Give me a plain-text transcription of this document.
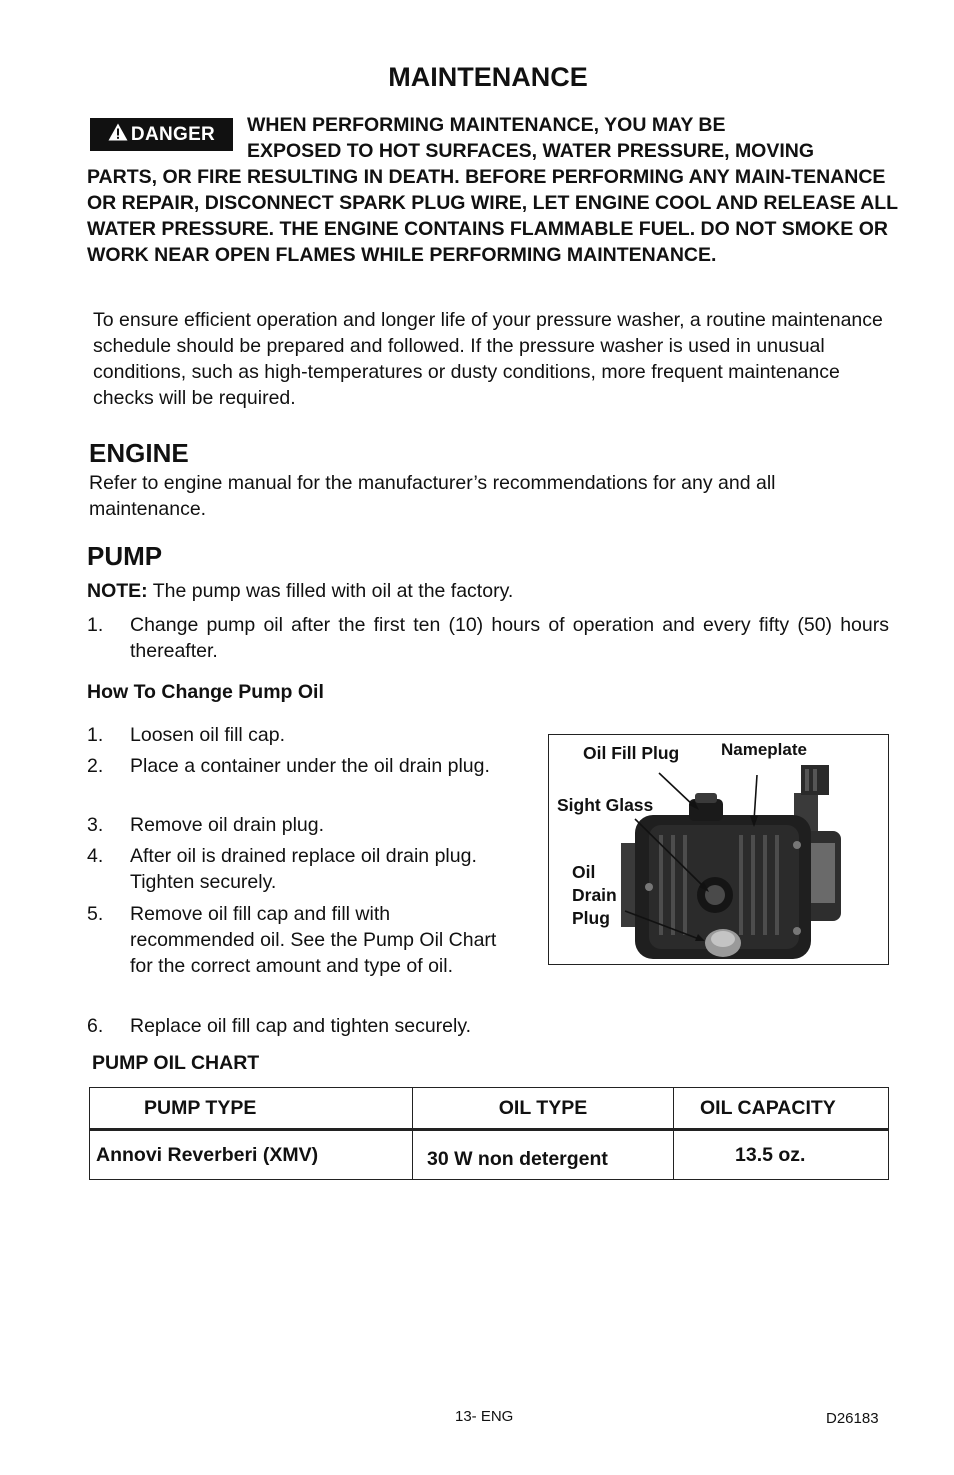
MAINTENANCE
DANGER WHEN PERFORMING MAINTENANCE, YOU MAY BE
EXPOSED TO HOT SURFACES, WATER PRESSURE, MOVING
PARTS, OR FIRE RESULTING IN DEATH. BEFORE PERFORMING ANY MAIN-TENANCE OR REPAIR, DISCONNECT SPARK PLUG WIRE, LET ENGINE COOL AND RELEASE ALL WATER PRESSURE. THE ENGINE CONTAINS FLAMMABLE FUEL. DO NOT SMOKE OR WORK NEAR OPEN FLAMES WHILE PERFORMING MAINTENANCE.
To ensure efficient operation and longer life of your pressure washer, a routine maintenance schedule should be prepared and followed. If the pressure washer is used in unusual conditions, such as high-temperatures or dusty conditions, more frequent maintenance checks will be required.
ENGINE
Refer to engine manual for the manufacturer’s recommendations for any and all maintenance.
PUMP
NOTE: The pump was filled with oil at the factory.
1. Change pump oil after the first ten (10) hours of operation and every fifty (50) hours thereafter.
How To Change Pump Oil
1. Loosen oil fill cap.
2. Place a container under the oil drain plug.
3. Remove oil drain plug.
4. After oil is drained replace oil drain plug. Tighten securely.
5. Remove oil fill cap and fill with recommended oil. See the Pump Oil Chart for the correct amount and type of oil.
6. Replace oil fill cap and tighten securely.
Oil Fill Plug Nameplate
Sight Glass
Oil
Drain
Plug
PUMP OIL CHART
PUMP TYPE	OIL TYPE	OIL CAPACITY
Annovi Reverberi (XMV)	30 W non detergent	13.5 oz.
13- ENG	D26183
